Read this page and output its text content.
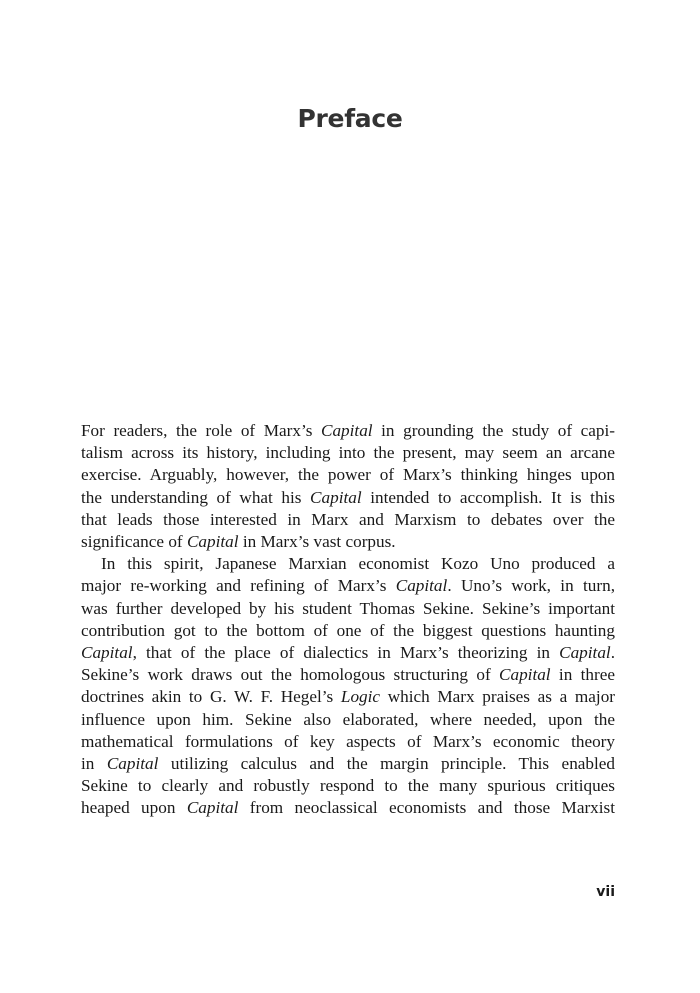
Preface
For readers, the role of Marx’s Capital in grounding the study of capi-
talism across its history, including into the present, may seem an arcane
exercise. Arguably, however, the power of Marx’s thinking hinges upon
the understanding of what his Capital intended to accomplish. It is this
that leads those interested in Marx and Marxism to debates over the
significance of Capital in Marx’s vast corpus.
In this spirit, Japanese Marxian economist Kozo Uno produced a
major re-working and refining of Marx’s Capital. Uno’s work, in turn,
was further developed by his student Thomas Sekine. Sekine’s important
contribution got to the bottom of one of the biggest questions haunting
Capital, that of the place of dialectics in Marx’s theorizing in Capital.
Sekine’s work draws out the homologous structuring of Capital in three
doctrines akin to G. W. F. Hegel’s Logic which Marx praises as a major
influence upon him. Sekine also elaborated, where needed, upon the
mathematical formulations of key aspects of Marx’s economic theory
in Capital utilizing calculus and the margin principle. This enabled
Sekine to clearly and robustly respond to the many spurious critiques
heaped upon Capital from neoclassical economists and those Marxist

vii
